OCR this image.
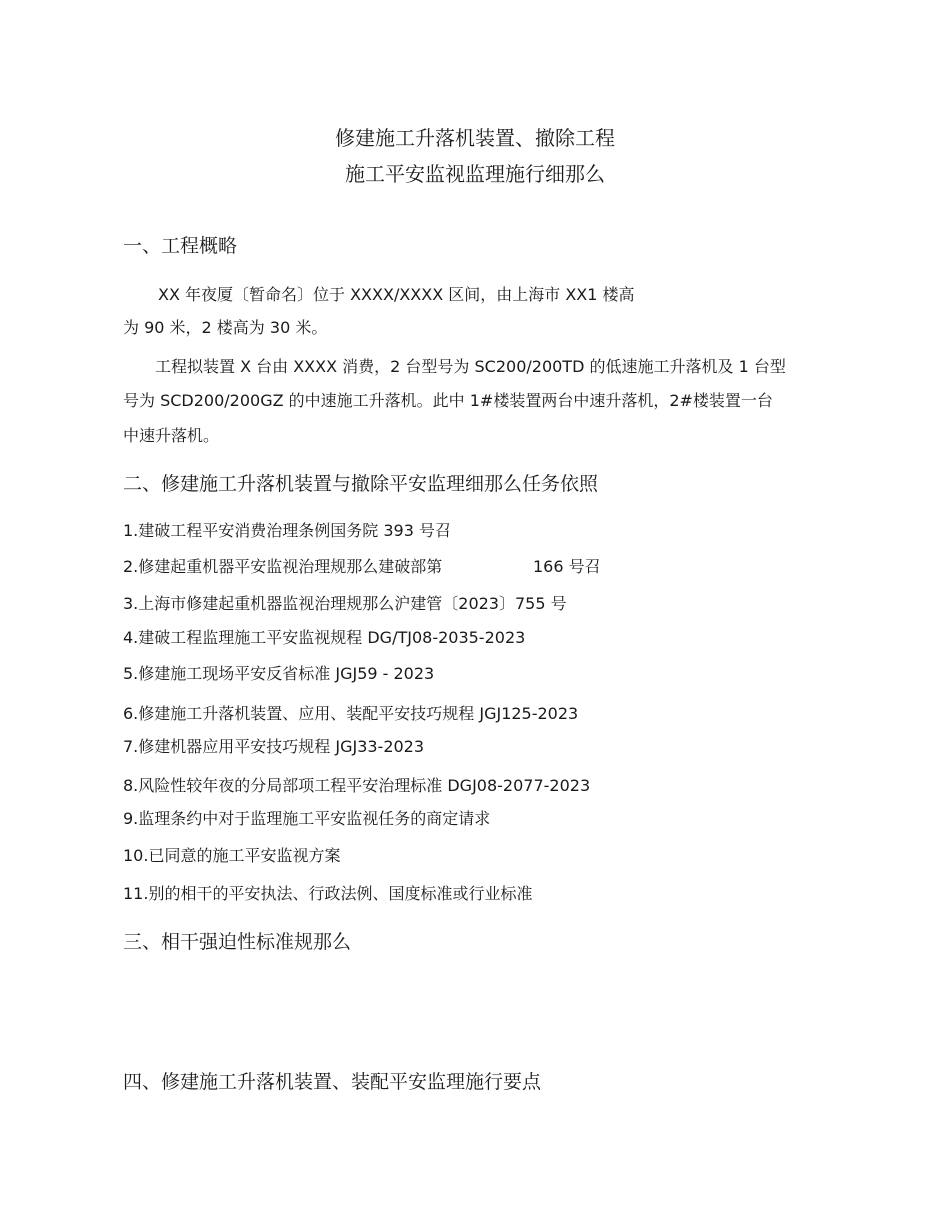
修建施工升落机装置、撤除工程
施工平安监视监理施行细那么
一、工程概略
XX 年夜厦〔暂命名〕位于 XXXX/XXXX 区间，由上海市 XX1 楼高
为 90 米，2 楼高为 30 米。
工程拟装置 X 台由 XXXX 消费，2 台型号为 SC200/200TD 的低速施工升落机及 1 台型
号为 SCD200/200GZ 的中速施工升落机。此中 1#楼装置两台中速升落机，2#楼装置一台
中速升落机。
二、修建施工升落机装置与撤除平安监理细那么任务依照
1.建破工程平安消费治理条例国务院 393 号召
2.修建起重机器平安监视治理规那么建破部第	166 号召
3.上海市修建起重机器监视治理规那么沪建管〔2023〕755 号
4.建破工程监理施工平安监视规程 DG/TJ08-2035-2023
5.修建施工现场平安反省标准 JGJ59 - 2023
6.修建施工升落机装置、应用、装配平安技巧规程 JGJ125-2023
7.修建机器应用平安技巧规程 JGJ33-2023
8.风险性较年夜的分局部项工程平安治理标准 DGJ08-2077-2023
9.监理条约中对于监理施工平安监视任务的商定请求
10.已同意的施工平安监视方案
11.别的相干的平安执法、行政法例、国度标准或行业标准
三、相干强迫性标准规那么
四、修建施工升落机装置、装配平安监理施行要点
